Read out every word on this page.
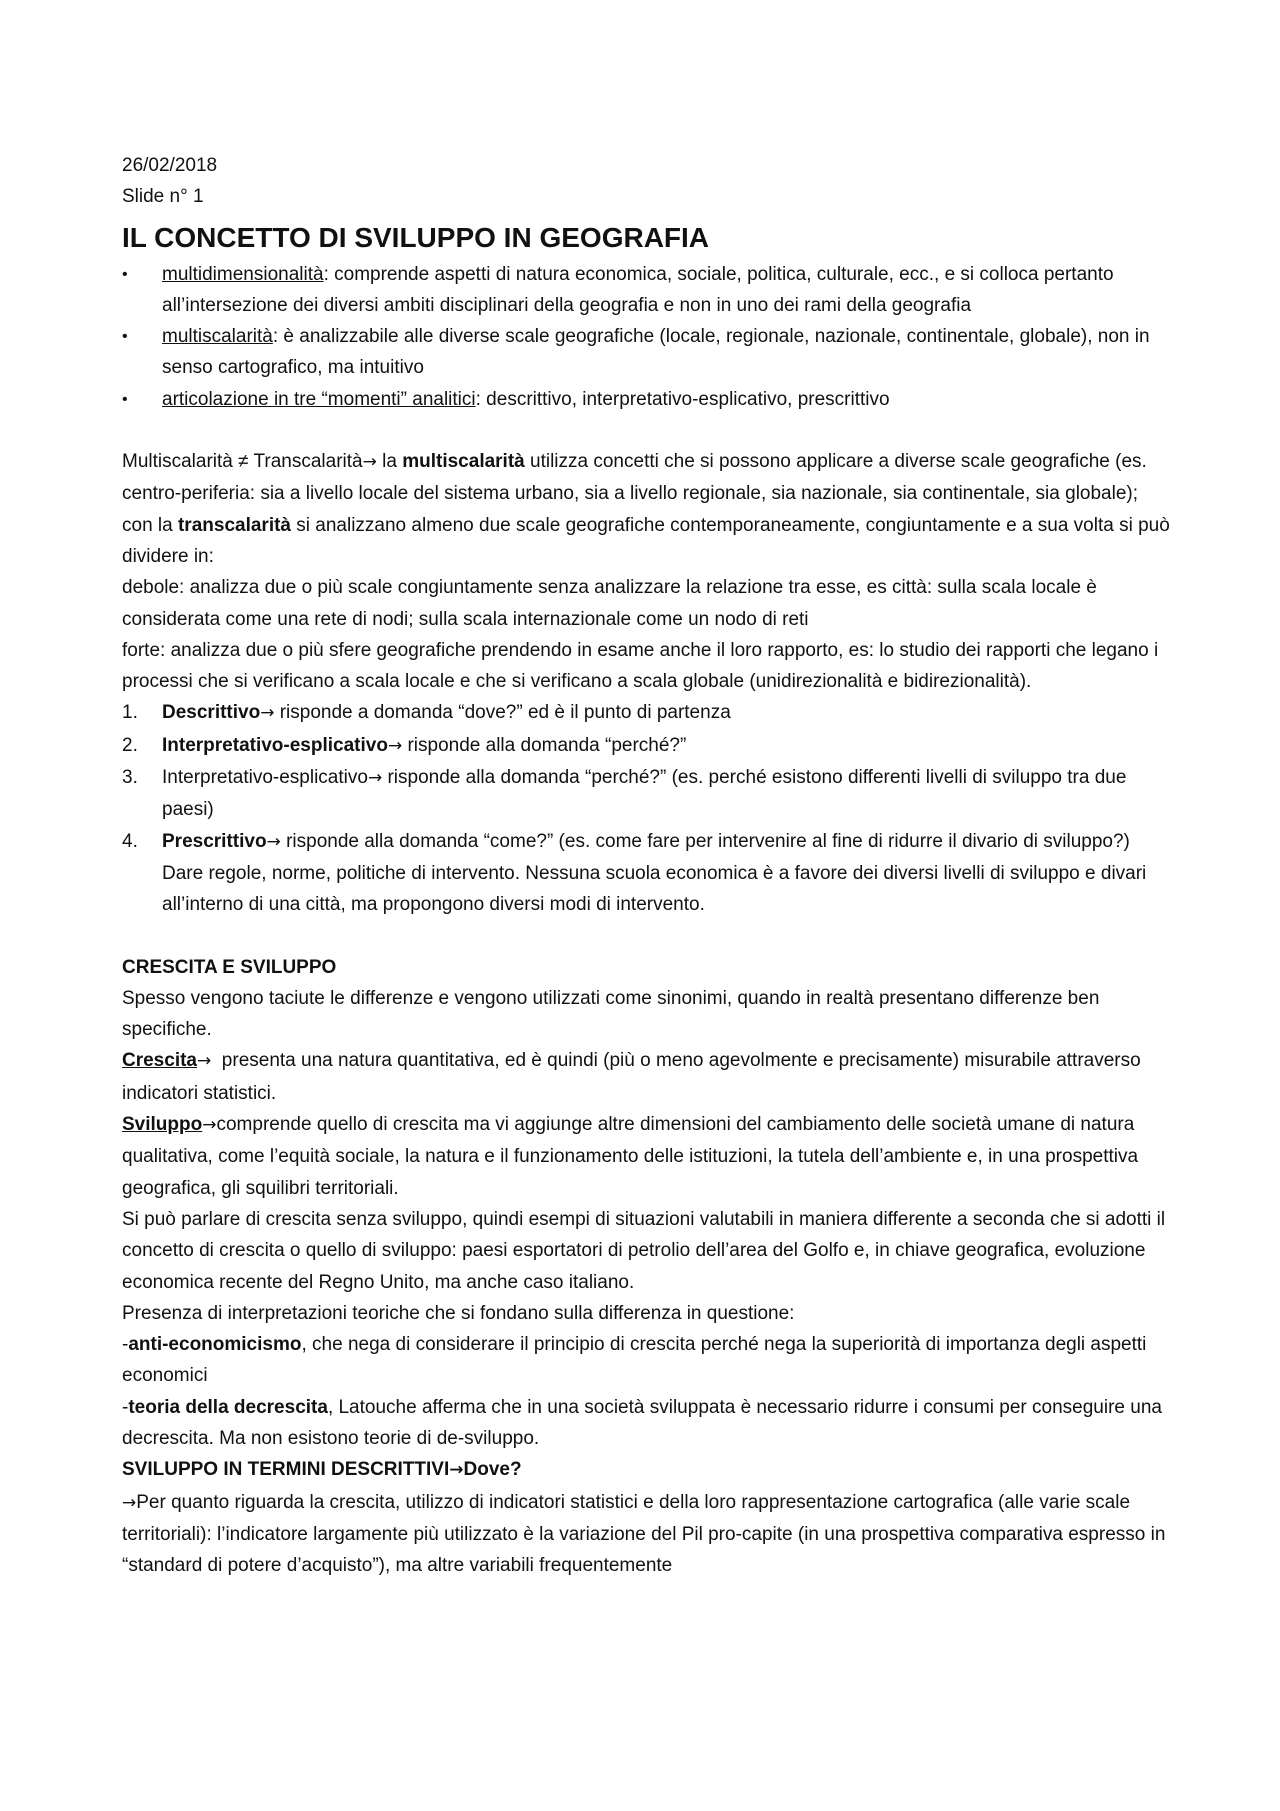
26/02/2018
Slide n° 1
IL CONCETTO DI SVILUPPO IN GEOGRAFIA
• multidimensionalità: comprende aspetti di natura economica, sociale, politica, culturale, ecc., e si colloca pertanto all’intersezione dei diversi ambiti disciplinari della geografia e non in uno dei rami della geografia
• multiscalarità: è analizzabile alle diverse scale geografiche (locale, regionale, nazionale, continentale, globale), non in senso cartografico, ma intuitivo
• articolazione in tre “momenti” analitici: descrittivo, interpretativo-esplicativo, prescrittivo

Multiscalarità ≠ Transcalarità→ la multiscalarità utilizza concetti che si possono applicare a diverse scale geografiche (es. centro-periferia: sia a livello locale del sistema urbano, sia a livello regionale, sia nazionale, sia continentale, sia globale); con la transcalarità si analizzano almeno due scale geografiche contemporaneamente, congiuntamente e a sua volta si può dividere in:

debole: analizza due o più scale congiuntamente senza analizzare la relazione tra esse, es città: sulla scala locale è considerata come una rete di nodi; sulla scala internazionale come un nodo di reti

forte: analizza due o più sfere geografiche prendendo in esame anche il loro rapporto, es: lo studio dei rapporti che legano i processi che si verificano a scala locale e che si verificano a scala globale (unidirezionalità e bidirezionalità).

1. Descrittivo→ risponde a domanda “dove?” ed è il punto di partenza
2. Interpretativo-esplicativo→ risponde alla domanda “perché?”
3. Interpretativo-esplicativo→ risponde alla domanda “perché?” (es. perché esistono differenti livelli di sviluppo tra due paesi)
4. Prescrittivo→ risponde alla domanda “come?” (es. come fare per intervenire al fine di ridurre il divario di sviluppo?) Dare regole, norme, politiche di intervento. Nessuna scuola economica è a favore dei diversi livelli di sviluppo e divari all’interno di una città, ma propongono diversi modi di intervento.
CRESCITA E SVILUPPO

Spesso vengono taciute le differenze e vengono utilizzati come sinonimi, quando in realtà presentano differenze ben specifiche.

Crescita→  presenta una natura quantitativa, ed è quindi (più o meno agevolmente e precisamente) misurabile attraverso indicatori statistici.

Sviluppo→comprende quello di crescita ma vi aggiunge altre dimensioni del cambiamento delle società umane di natura qualitativa, come l’equità sociale, la natura e il funzionamento delle istituzioni, la tutela dell’ambiente e, in una prospettiva geografica, gli squilibri territoriali.

Si può parlare di crescita senza sviluppo, quindi esempi di situazioni valutabili in maniera differente a seconda che si adotti il concetto di crescita o quello di sviluppo: paesi esportatori di petrolio dell’area del Golfo e, in chiave geografica, evoluzione economica recente del Regno Unito, ma anche caso italiano.

Presenza di interpretazioni teoriche che si fondano sulla differenza in questione:

-anti-economicismo, che nega di considerare il principio di crescita perché nega la superiorità di importanza degli aspetti economici

-teoria della decrescita, Latouche afferma che in una società sviluppata è necessario ridurre i consumi per conseguire una decrescita. Ma non esistono teorie di de-sviluppo.

SVILUPPO IN TERMINI DESCRITTIVI→Dove?

→Per quanto riguarda la crescita, utilizzo di indicatori statistici e della loro rappresentazione cartografica (alle varie scale territoriali): l’indicatore largamente più utilizzato è la variazione del Pil pro-capite (in una prospettiva comparativa espresso in “standard di potere d’acquisto”), ma altre variabili frequentemente
